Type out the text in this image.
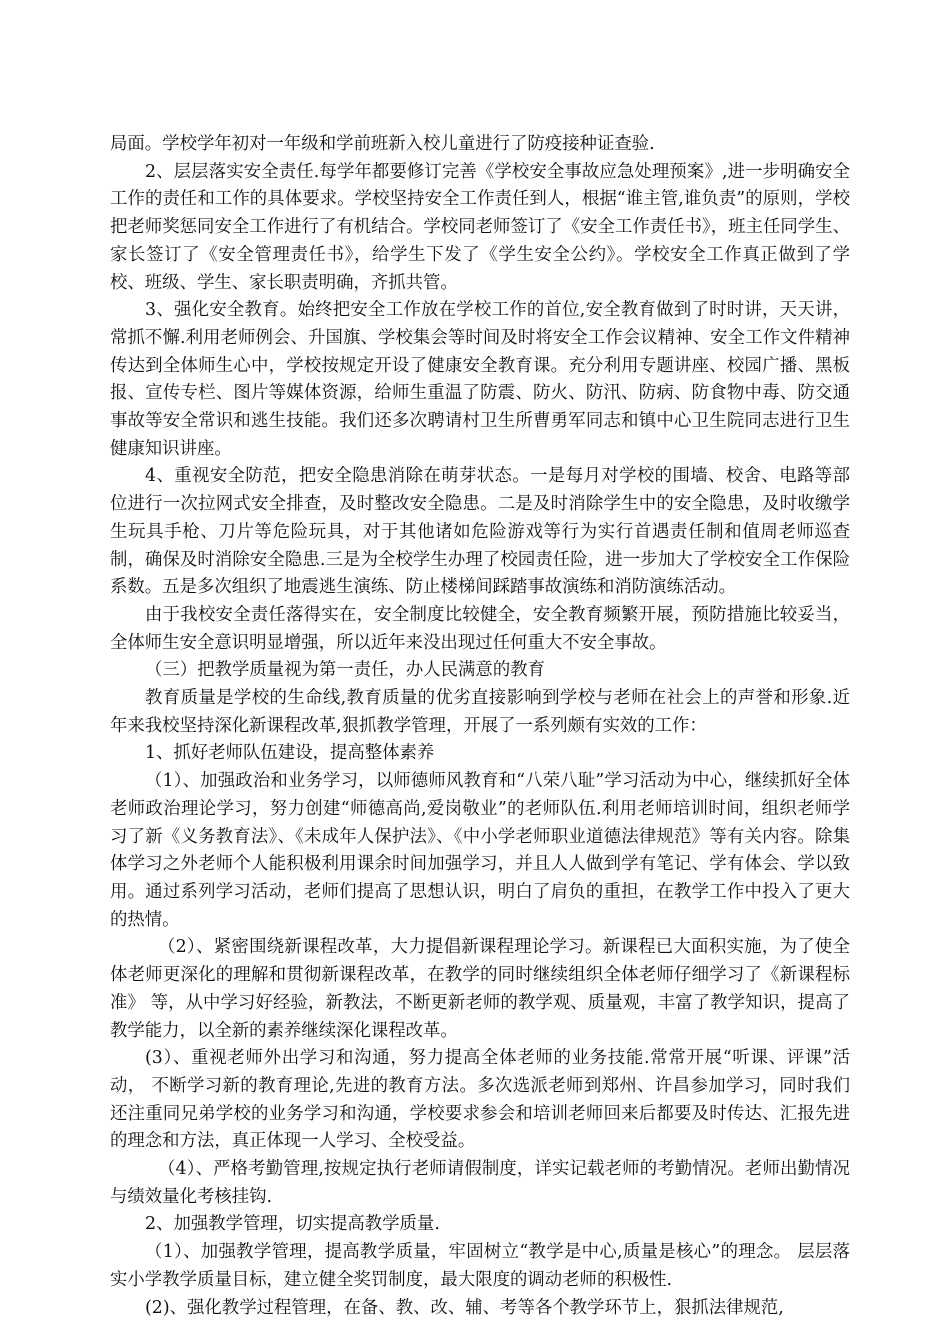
局面。学校学年初对一年级和学前班新入校儿童进行了防疫接种证查验.

2、层层落实安全责任.每学年都要修订完善《学校安全事故应急处理预案》,进一步明确安全工作的责任和工作的具体要求。学校坚持安全工作责任到人，根据“谁主管,谁负责”的原则，学校把老师奖惩同安全工作进行了有机结合。学校同老师签订了《安全工作责任书》，班主任同学生、家长签订了《安全管理责任书》，给学生下发了《学生安全公约》。学校安全工作真正做到了学校、班级、学生、家长职责明确，齐抓共管。

3、强化安全教育。始终把安全工作放在学校工作的首位,安全教育做到了时时讲，天天讲，常抓不懈.利用老师例会、升国旗、学校集会等时间及时将安全工作会议精神、安全工作文件精神传达到全体师生心中，学校按规定开设了健康安全教育课。充分利用专题讲座、校园广播、黑板报、宣传专栏、图片等媒体资源，给师生重温了防震、防火、防汛、防病、防食物中毒、防交通事故等安全常识和逃生技能。我们还多次聘请村卫生所曹勇军同志和镇中心卫生院同志进行卫生健康知识讲座。

4、重视安全防范，把安全隐患消除在萌芽状态。一是每月对学校的围墙、校舍、电路等部位进行一次拉网式安全排查，及时整改安全隐患。二是及时消除学生中的安全隐患，及时收缴学生玩具手枪、刀片等危险玩具，对于其他诸如危险游戏等行为实行首遇责任制和值周老师巡查制，确保及时消除安全隐患.三是为全校学生办理了校园责任险，进一步加大了学校安全工作保险系数。五是多次组织了地震逃生演练、防止楼梯间踩踏事故演练和消防演练活动。

由于我校安全责任落得实在，安全制度比较健全，安全教育频繁开展，预防措施比较妥当，全体师生安全意识明显增强，所以近年来没出现过任何重大不安全事故。

（三）把教学质量视为第一责任，办人民满意的教育

教育质量是学校的生命线,教育质量的优劣直接影响到学校与老师在社会上的声誉和形象.近年来我校坚持深化新课程改革,狠抓教学管理，开展了一系列颇有实效的工作：

1、抓好老师队伍建设，提高整体素养

（1）、加强政治和业务学习，以师德师风教育和“八荣八耻”学习活动为中心，继续抓好全体老师政治理论学习，努力创建“师德高尚,爱岗敬业”的老师队伍.利用老师培训时间，组织老师学习了新《义务教育法》、《未成年人保护法》、《中小学老师职业道德法律规范》等有关内容。除集体学习之外老师个人能积极利用课余时间加强学习，并且人人做到学有笔记、学有体会、学以致用。通过系列学习活动，老师们提高了思想认识，明白了肩负的重担，在教学工作中投入了更大的热情。

（2）、紧密围绕新课程改革，大力提倡新课程理论学习。新课程已大面积实施，为了使全体老师更深化的理解和贯彻新课程改革，在教学的同时继续组织全体老师仔细学习了《新课程标准》 等，从中学习好经验，新教法，不断更新老师的教学观、质量观，丰富了教学知识，提高了教学能力，以全新的素养继续深化课程改革。

(3）、重视老师外出学习和沟通，努力提高全体老师的业务技能.常常开展“听课、评课”活动， 不断学习新的教育理论,先进的教育方法。多次选派老师到郑州、许昌参加学习，同时我们还注重同兄弟学校的业务学习和沟通，学校要求参会和培训老师回来后都要及时传达、汇报先进的理念和方法，真正体现一人学习、全校受益。

（4）、严格考勤管理,按规定执行老师请假制度，详实记载老师的考勤情况。老师出勤情况与绩效量化考核挂钩.

2、加强教学管理，切实提高教学质量.

（1）、加强教学管理，提高教学质量，牢固树立“教学是中心,质量是核心”的理念。 层层落实小学教学质量目标，建立健全奖罚制度，最大限度的调动老师的积极性.

(2)、强化教学过程管理，在备、教、改、辅、考等各个教学环节上，狠抓法律规范,
